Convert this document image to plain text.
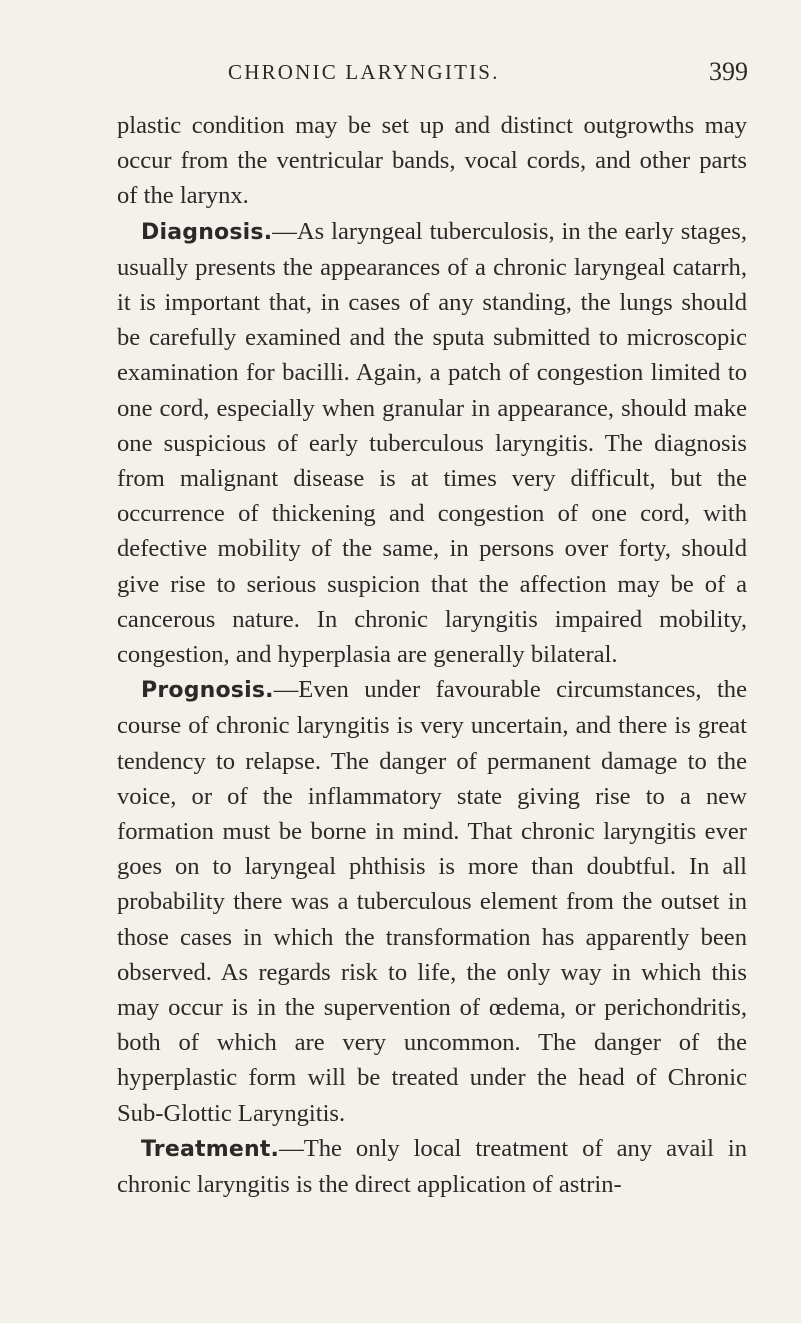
CHRONIC LARYNGITIS.	399

plastic condition may be set up and distinct outgrowths may occur from the ventricular bands, vocal cords, and other parts of the larynx.

Diagnosis.—As laryngeal tuberculosis, in the early stages, usually presents the appearances of a chronic laryngeal catarrh, it is important that, in cases of any standing, the lungs should be carefully examined and the sputa submitted to microscopic examination for bacilli. Again, a patch of congestion limited to one cord, especially when granular in appearance, should make one suspicious of early tuberculous laryngitis. The diagnosis from malignant disease is at times very difficult, but the occurrence of thickening and congestion of one cord, with defective mobility of the same, in persons over forty, should give rise to serious suspicion that the affection may be of a cancerous nature. In chronic laryngitis impaired mobility, congestion, and hyperplasia are generally bilateral.

Prognosis.—Even under favourable circumstances, the course of chronic laryngitis is very uncertain, and there is great tendency to relapse. The danger of permanent damage to the voice, or of the inflammatory state giving rise to a new formation must be borne in mind. That chronic laryngitis ever goes on to laryngeal phthisis is more than doubtful. In all probability there was a tuberculous element from the outset in those cases in which the transformation has apparently been observed. As regards risk to life, the only way in which this may occur is in the supervention of œdema, or perichondritis, both of which are very uncommon. The danger of the hyperplastic form will be treated under the head of Chronic Sub-Glottic Laryngitis.

Treatment.—The only local treatment of any avail in chronic laryngitis is the direct application of astrin-
